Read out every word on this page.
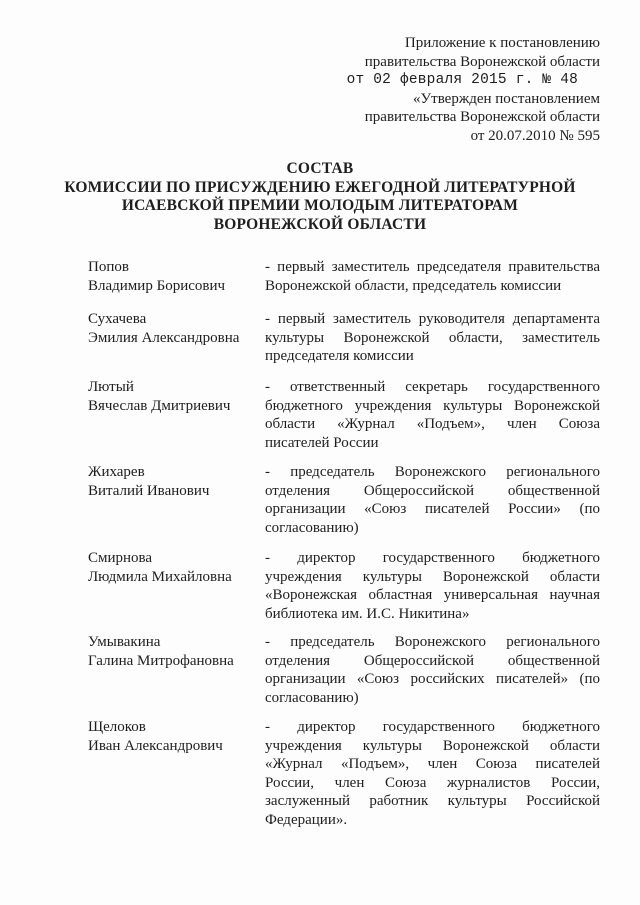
Приложение к постановлению
правительства Воронежской области
от 02 февраля 2015 г. № 48
«Утвержден постановлением
правительства Воронежской области
от 20.07.2010 № 595
СОСТАВ
КОМИССИИ ПО ПРИСУЖДЕНИЮ ЕЖЕГОДНОЙ ЛИТЕРАТУРНОЙ
ИСАЕВСКОЙ ПРЕМИИ МОЛОДЫМ ЛИТЕРАТОРАМ
ВОРОНЕЖСКОЙ ОБЛАСТИ
Попов
Владимир Борисович
- первый заместитель председателя правительства
Воронежской области, председатель комиссии
Сухачева
Эмилия Александровна
- первый заместитель руководителя департамента
культуры Воронежской области, заместитель
председателя комиссии
Лютый
Вячеслав Дмитриевич
- ответственный секретарь государственного
бюджетного учреждения культуры Воронежской
области «Журнал «Подъем», член Союза
писателей России
Жихарев
Виталий Иванович
- председатель Воронежского регионального
отделения Общероссийской общественной
организации «Союз писателей России» (по
согласованию)
Смирнова
Людмила Михайловна
- директор государственного бюджетного
учреждения культуры Воронежской области
«Воронежская областная универсальная научная
библиотека им. И.С. Никитина»
Умывакина
Галина Митрофановна
- председатель Воронежского регионального
отделения Общероссийской общественной
организации «Союз российских писателей» (по
согласованию)
Щелоков
Иван Александрович
- директор государственного бюджетного
учреждения культуры Воронежской области
«Журнал «Подъем», член Союза писателей
России, член Союза журналистов России,
заслуженный работник культуры Российской
Федерации».
